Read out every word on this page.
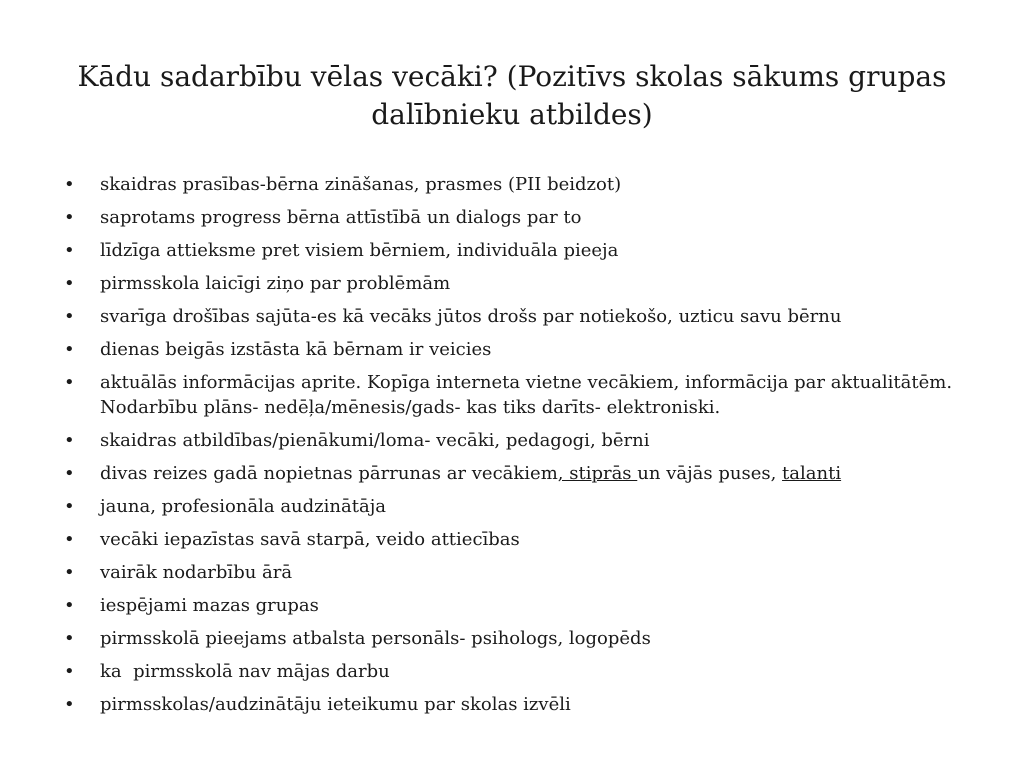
Kādu sadarbību vēlas vecāki? (Pozitīvs skolas sākums grupas dalībnieku atbildes)
•	skaidras prasības-bērna zināšanas, prasmes (PII beidzot)
•	saprotams progress bērna attīstībā un dialogs par to
•	līdzīga attieksme pret visiem bērniem, individuāla pieeja
•	pirmsskola laicīgi ziņo par problēmām
•	svarīga drošības sajūta-es kā vecāks jūtos drošs par notiekošo, uzticu savu bērnu
•	dienas beigās izstāsta kā bērnam ir veicies
•	aktuālās informācijas aprite. Kopīga interneta vietne vecākiem, informācija par aktualitātēm. Nodarbību plāns- nedēļa/mēnesis/gads- kas tiks darīts- elektroniski.
•	skaidras atbildības/pienākumi/loma- vecāki, pedagogi, bērni
•	divas reizes gadā nopietnas pārrunas ar vecākiem, stiprās un vājās puses, talanti
•	jauna, profesionāla audzinātāja
•	vecāki iepazīstas savā starpā, veido attiecības
•	vairāk nodarbību ārā
•	iespējami mazas grupas
•	pirmsskolā pieejams atbalsta personāls- psihologs, logopēds
•	ka  pirmsskolā nav mājas darbu
•	pirmsskolas/audzinātāju ieteikumu par skolas izvēli
